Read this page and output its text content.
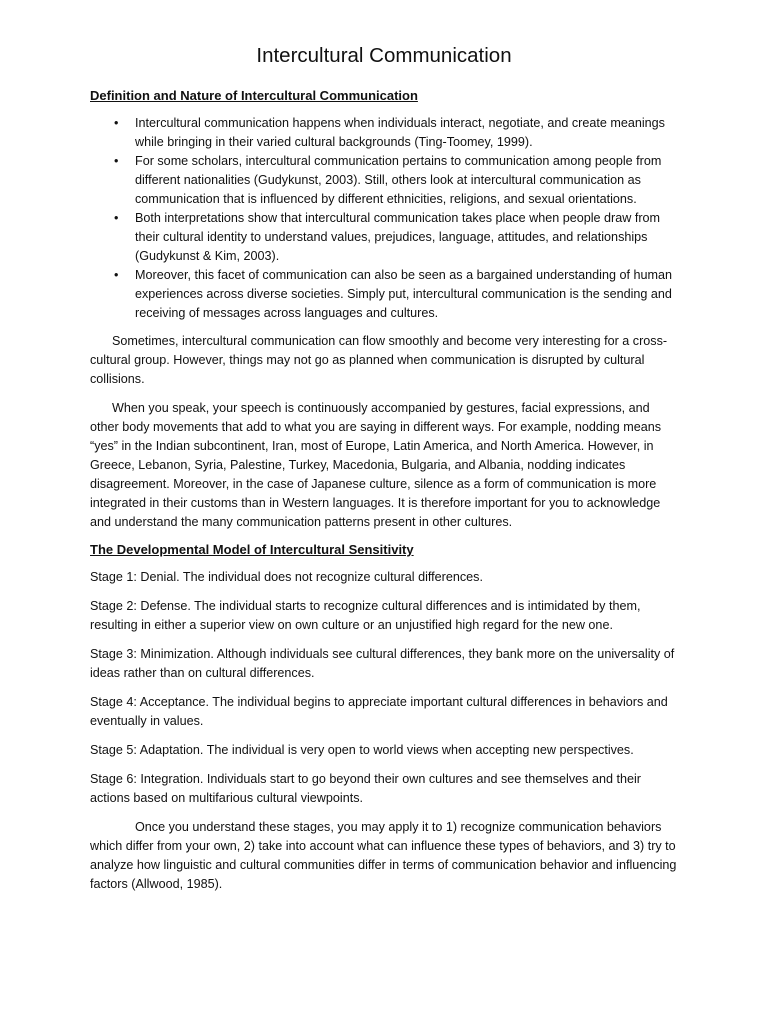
Intercultural Communication
Definition and Nature of Intercultural Communication
• Intercultural communication happens when individuals interact, negotiate, and create meanings while bringing in their varied cultural backgrounds (Ting-Toomey, 1999).
• For some scholars, intercultural communication pertains to communication among people from different nationalities (Gudykunst, 2003). Still, others look at intercultural communication as communication that is influenced by different ethnicities, religions, and sexual orientations.
• Both interpretations show that intercultural communication takes place when people draw from their cultural identity to understand values, prejudices, language, attitudes, and relationships (Gudykunst & Kim, 2003).
• Moreover, this facet of communication can also be seen as a bargained understanding of human experiences across diverse societies. Simply put, intercultural communication is the sending and receiving of messages across languages and cultures.

Sometimes, intercultural communication can flow smoothly and become very interesting for a cross-cultural group. However, things may not go as planned when communication is disrupted by cultural collisions.

When you speak, your speech is continuously accompanied by gestures, facial expressions, and other body movements that add to what you are saying in different ways. For example, nodding means “yes” in the Indian subcontinent, Iran, most of Europe, Latin America, and North America. However, in Greece, Lebanon, Syria, Palestine, Turkey, Macedonia, Bulgaria, and Albania, nodding indicates disagreement. Moreover, in the case of Japanese culture, silence as a form of communication is more integrated in their customs than in Western languages. It is therefore important for you to acknowledge and understand the many communication patterns present in other cultures.

The Developmental Model of Intercultural Sensitivity

Stage 1: Denial. The individual does not recognize cultural differences.

Stage 2: Defense. The individual starts to recognize cultural differences and is intimidated by them, resulting in either a superior view on own culture or an unjustified high regard for the new one.

Stage 3: Minimization. Although individuals see cultural differences, they bank more on the universality of ideas rather than on cultural differences.

Stage 4: Acceptance. The individual begins to appreciate important cultural differences in behaviors and eventually in values.

Stage 5: Adaptation. The individual is very open to world views when accepting new perspectives.

Stage 6: Integration. Individuals start to go beyond their own cultures and see themselves and their actions based on multifarious cultural viewpoints.

Once you understand these stages, you may apply it to 1) recognize communication behaviors which differ from your own, 2) take into account what can influence these types of behaviors, and 3) try to analyze how linguistic and cultural communities differ in terms of communication behavior and influencing factors (Allwood, 1985).
